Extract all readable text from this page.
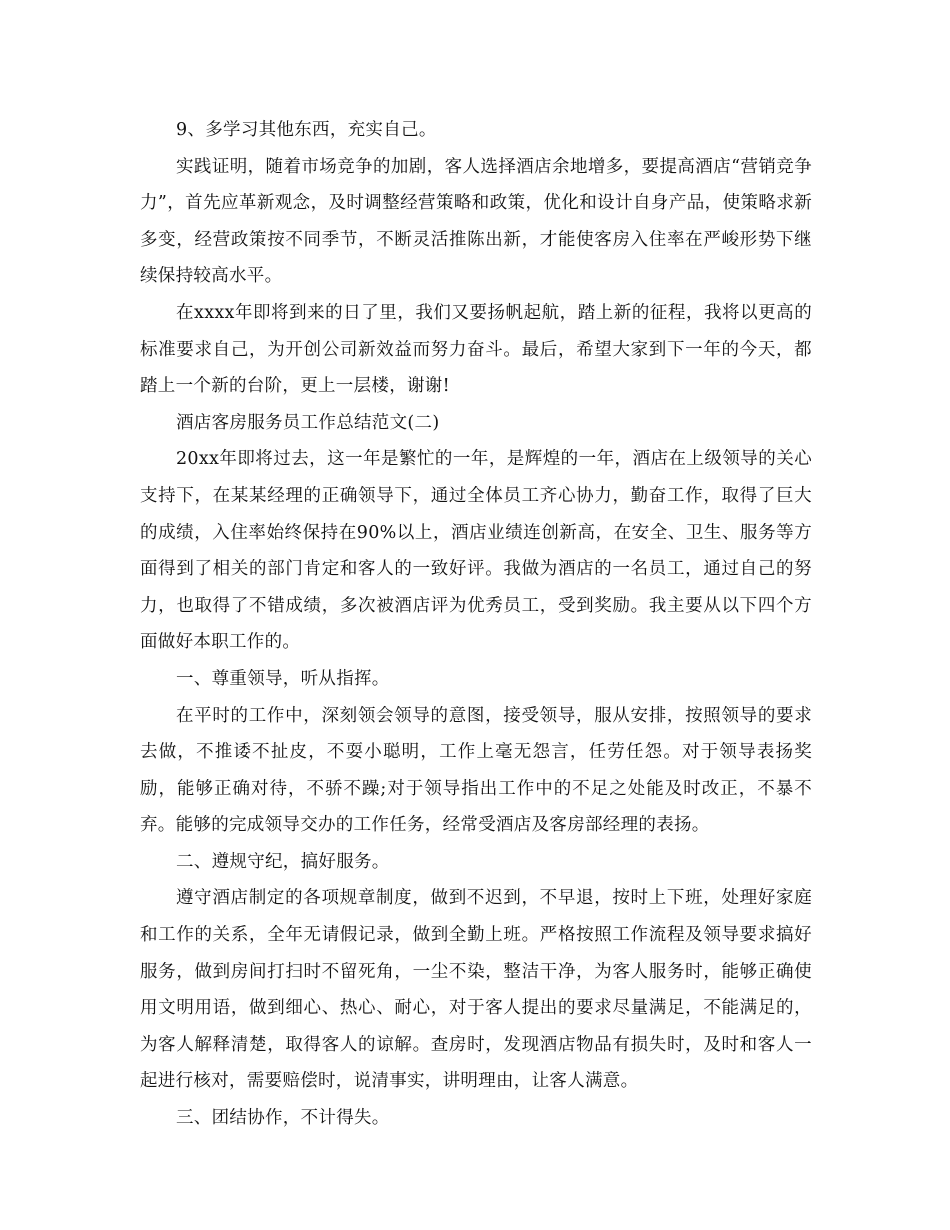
9、多学习其他东西，充实自己。

实践证明，随着市场竞争的加剧，客人选择酒店余地增多，要提高酒店“营销竞争力”，首先应革新观念，及时调整经营策略和政策，优化和设计自身产品，使策略求新多变，经营政策按不同季节，不断灵活推陈出新，才能使客房入住率在严峻形势下继续保持较高水平。

在xxxx年即将到来的日了里，我们又要扬帆起航，踏上新的征程，我将以更高的标准要求自己，为开创公司新效益而努力奋斗。最后，希望大家到下一年的今天，都踏上一个新的台阶，更上一层楼，谢谢!

酒店客房服务员工作总结范文(二)

20xx年即将过去，这一年是繁忙的一年，是辉煌的一年，酒店在上级领导的关心支持下，在某某经理的正确领导下，通过全体员工齐心协力，勤奋工作，取得了巨大的成绩，入住率始终保持在90%以上，酒店业绩连创新高，在安全、卫生、服务等方面得到了相关的部门肯定和客人的一致好评。我做为酒店的一名员工，通过自己的努力，也取得了不错成绩，多次被酒店评为优秀员工，受到奖励。我主要从以下四个方面做好本职工作的。

一、尊重领导，听从指挥。

在平时的工作中，深刻领会领导的意图，接受领导，服从安排，按照领导的要求去做，不推诿不扯皮，不耍小聪明，工作上毫无怨言，任劳任怨。对于领导表扬奖励，能够正确对待，不骄不躁;对于领导指出工作中的不足之处能及时改正，不暴不弃。能够的完成领导交办的工作任务，经常受酒店及客房部经理的表扬。

二、遵规守纪，搞好服务。

遵守酒店制定的各项规章制度，做到不迟到，不早退，按时上下班，处理好家庭和工作的关系，全年无请假记录，做到全勤上班。严格按照工作流程及领导要求搞好服务，做到房间打扫时不留死角，一尘不染，整洁干净，为客人服务时，能够正确使用文明用语，做到细心、热心、耐心，对于客人提出的要求尽量满足，不能满足的，为客人解释清楚，取得客人的谅解。查房时，发现酒店物品有损失时，及时和客人一起进行核对，需要赔偿时，说清事实，讲明理由，让客人满意。

三、团结协作，不计得失。
